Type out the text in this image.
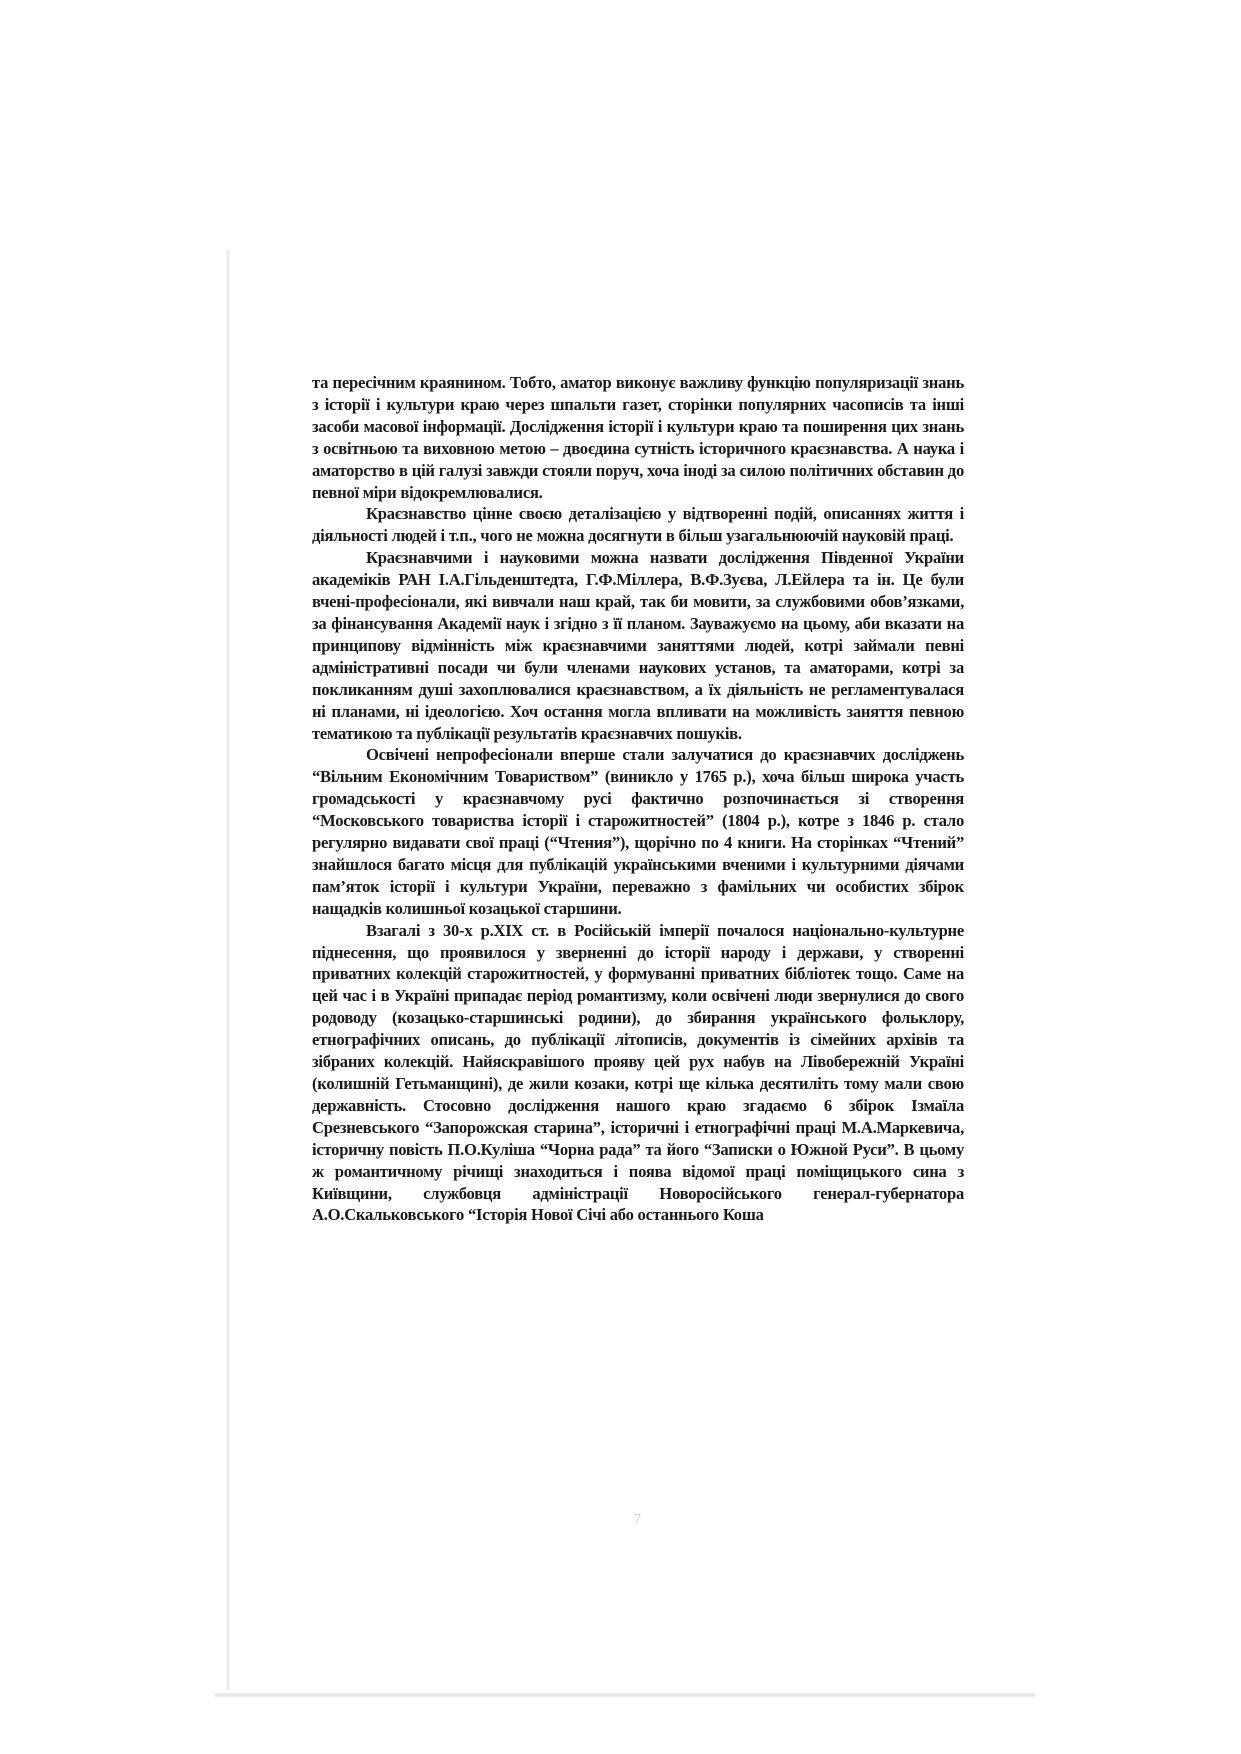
та пересічним краянином. Тобто, аматор виконує важливу функцію популяризації знань з історії і культури краю через шпальти газет, сторінки популярних часописів та інші засоби масової інформації. Дослідження історії і культури краю та поширення цих знань з освітньою та виховною метою – двоєдина сутність історичного краєзнавства. А наука і аматорство в цій галузі завжди стояли поруч, хоча іноді за силою політичних обставин до певної міри відокремлювалися.

Краєзнавство цінне своєю деталізацією у відтворенні подій, описаннях життя і діяльності людей і т.п., чого не можна досягнути в більш узагальнюючій науковій праці.

Краєзнавчими і науковими можна назвати дослідження Південної України академіків РАН І.А.Гільденштедта, Г.Ф.Міллера, В.Ф.Зуєва, Л.Ейлера та ін. Це були вчені-професіонали, які вивчали наш край, так би мовити, за службовими обов’язками, за фінансування Академії наук і згідно з її планом. Зауважуємо на цьому, аби вказати на принципову відмінність між краєзнавчими заняттями людей, котрі займали певні адміністративні посади чи були членами наукових установ, та аматорами, котрі за покликанням душі захоплювалися краєзнавством, а їх діяльність не регламентувалася ні планами, ні ідеологією. Хоч остання могла впливати на можливість заняття певною тематикою та публікації результатів краєзнавчих пошуків.

Освічені непрофесіонали вперше стали залучатися до краєзнавчих досліджень “Вільним Економічним Товариством” (виникло у 1765 р.), хоча більш широка участь громадськості у краєзнавчому русі фактично розпочинається зі створення “Московського товариства історії і старожитностей” (1804 р.), котре з 1846 р. стало регулярно видавати свої праці (“Чтения”), щорічно по 4 книги. На сторінках “Чтений” знайшлося багато місця для публікацій українськими вченими і культурними діячами пам’яток історії і культури України, переважно з фамільних чи особистих збірок нащадків колишньої козацької старшини.

Взагалі з 30-х р.XIX ст. в Російській імперії почалося національно-культурне піднесення, що проявилося у зверненні до історії народу і держави, у створенні приватних колекцій старожитностей, у формуванні приватних бібліотек тощо. Саме на цей час і в Україні припадає період романтизму, коли освічені люди звернулися до свого родоводу (козацько-старшинські родини), до збирання українського фольклору, етнографічних описань, до публікації літописів, документів із сімейних архівів та зібраних колекцій. Найяскравішого прояву цей рух набув на Лівобережній Україні (колишній Гетьманщині), де жили козаки, котрі ще кілька десятиліть тому мали свою державність. Стосовно дослідження нашого краю згадаємо 6 збірок Ізмаїла Срезневського “Запорожская старина”, історичні і етнографічні праці М.А.Маркевича, історичну повість П.О.Куліша “Чорна рада” та його “Записки о Южной Руси”. В цьому ж романтичному річищі знаходиться і поява відомої праці поміщицького сина з Київщини, службовця адміністрації Новоросійського генерал-губернатора А.О.Скальковського “Історія Нової Січі або останнього Коша

7
